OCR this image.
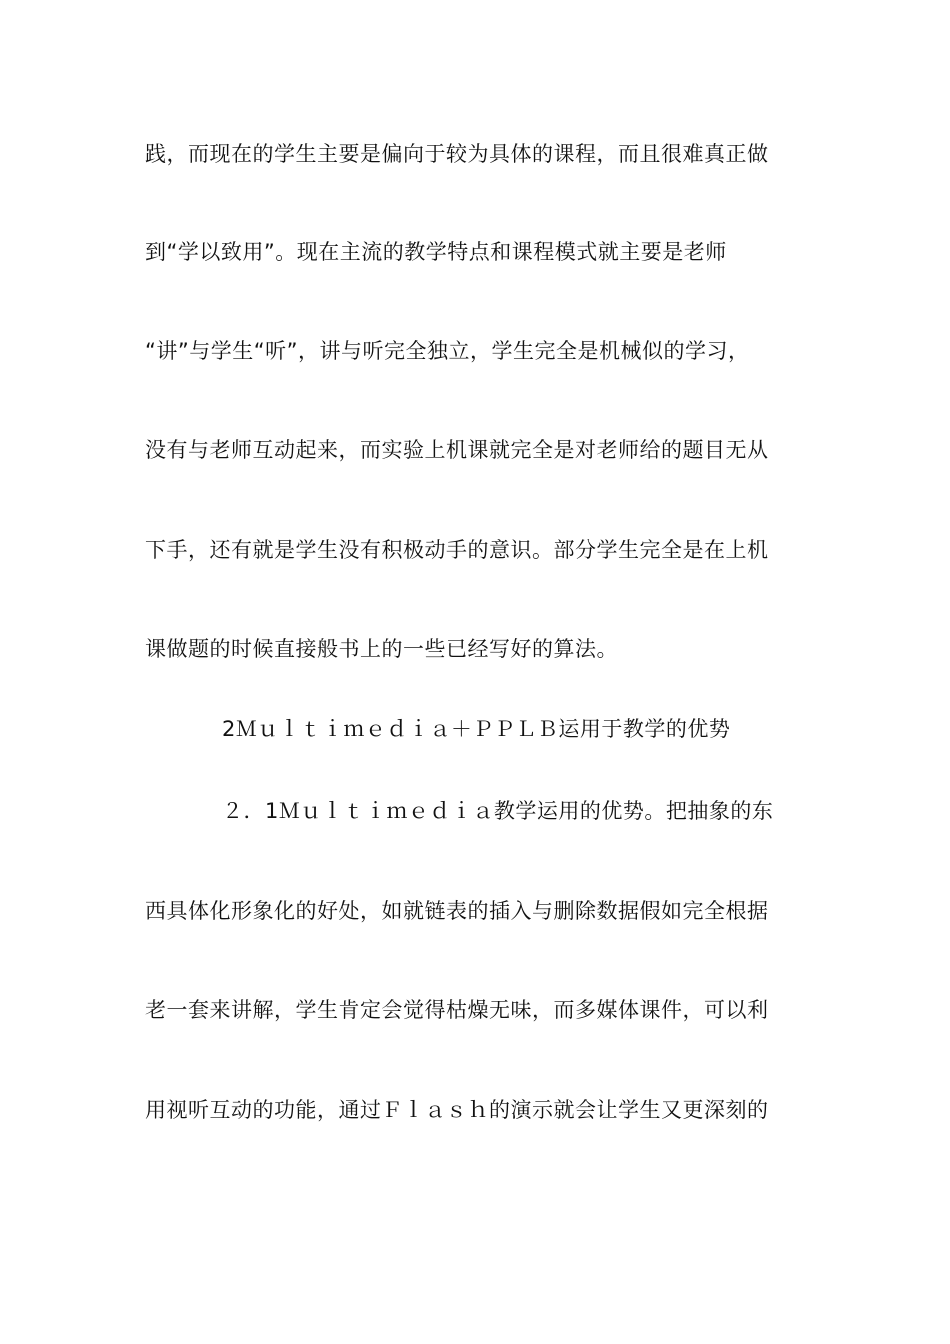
践，而现在的学生主要是偏向于较为具体的课程，而且很难真正做
到“学以致用”。现在主流的教学特点和课程模式就主要是老师
“讲”与学生“听”，讲与听完全独立，学生完全是机械似的学习，
没有与老师互动起来，而实验上机课就完全是对老师给的题目无从
下手，还有就是学生没有积极动手的意识。部分学生完全是在上机
课做题的时候直接般书上的一些已经写好的算法。
2Ｍｕｌｔｉｍｅｄｉａ＋ＰＰＬＢ运用于教学的优势
２．1Ｍｕｌｔｉｍｅｄｉａ教学运用的优势。把抽象的东
西具体化形象化的好处，如就链表的插入与删除数据假如完全根据
老一套来讲解，学生肯定会觉得枯燥无味，而多媒体课件，可以利
用视听互动的功能，通过Ｆｌａｓｈ的演示就会让学生又更深刻的
